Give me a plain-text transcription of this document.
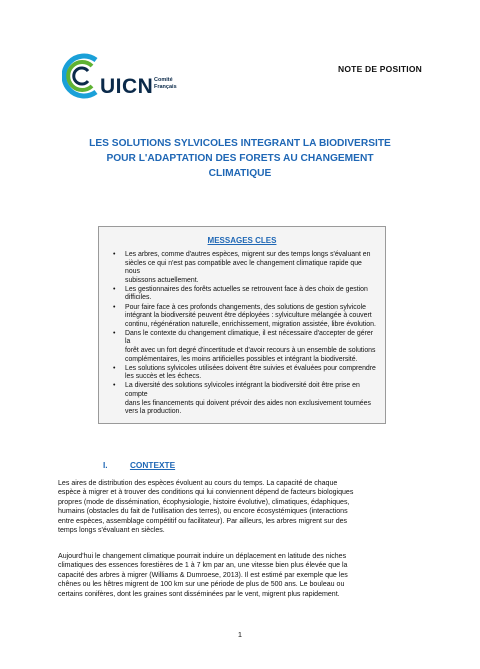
UICN Comité
Français
NOTE DE POSITION
LES SOLUTIONS SYLVICOLES INTEGRANT LA BIODIVERSITE
POUR L'ADAPTATION DES FORETS AU CHANGEMENT
CLIMATIQUE
MESSAGES CLES
• Les arbres, comme d'autres espèces, migrent sur des temps longs s'évaluant en
siècles ce qui n'est pas compatible avec le changement climatique rapide que nous
subissons actuellement.
• Les gestionnaires des forêts actuelles se retrouvent face à des choix de gestion
difficiles.
• Pour faire face à ces profonds changements, des solutions de gestion sylvicole
intégrant la biodiversité peuvent être déployées : sylviculture mélangée à couvert
continu, régénération naturelle, enrichissement, migration assistée, libre évolution.
• Dans le contexte du changement climatique, il est nécessaire d'accepter de gérer la
forêt avec un fort degré d'incertitude et d'avoir recours à un ensemble de solutions
complémentaires, les moins artificielles possibles et intégrant la biodiversité.
• Les solutions sylvicoles utilisées doivent être suivies et évaluées pour comprendre
les succès et les échecs.
• La diversité des solutions sylvicoles intégrant la biodiversité doit être prise en compte
dans les financements qui doivent prévoir des aides non exclusivement tournées
vers la production.
I.	CONTEXTE
Les aires de distribution des espèces évoluent au cours du temps. La capacité de chaque
espèce à migrer et à trouver des conditions qui lui conviennent dépend de facteurs biologiques
propres (mode de dissémination, écophysiologie, histoire évolutive), climatiques, édaphiques,
humains (obstacles du fait de l'utilisation des terres), ou encore écosystémiques (interactions
entre espèces, assemblage compétitif ou facilitateur). Par ailleurs, les arbres migrent sur des
temps longs s'évaluant en siècles.
Aujourd'hui le changement climatique pourrait induire un déplacement en latitude des niches
climatiques des essences forestières de 1 à 7 km par an, une vitesse bien plus élevée que la
capacité des arbres à migrer (Williams & Dumroese, 2013). Il est estimé par exemple que les
chênes ou les hêtres migrent de 100 km sur une période de plus de 500 ans. Le bouleau ou
certains conifères, dont les graines sont disséminées par le vent, migrent plus rapidement.
1
